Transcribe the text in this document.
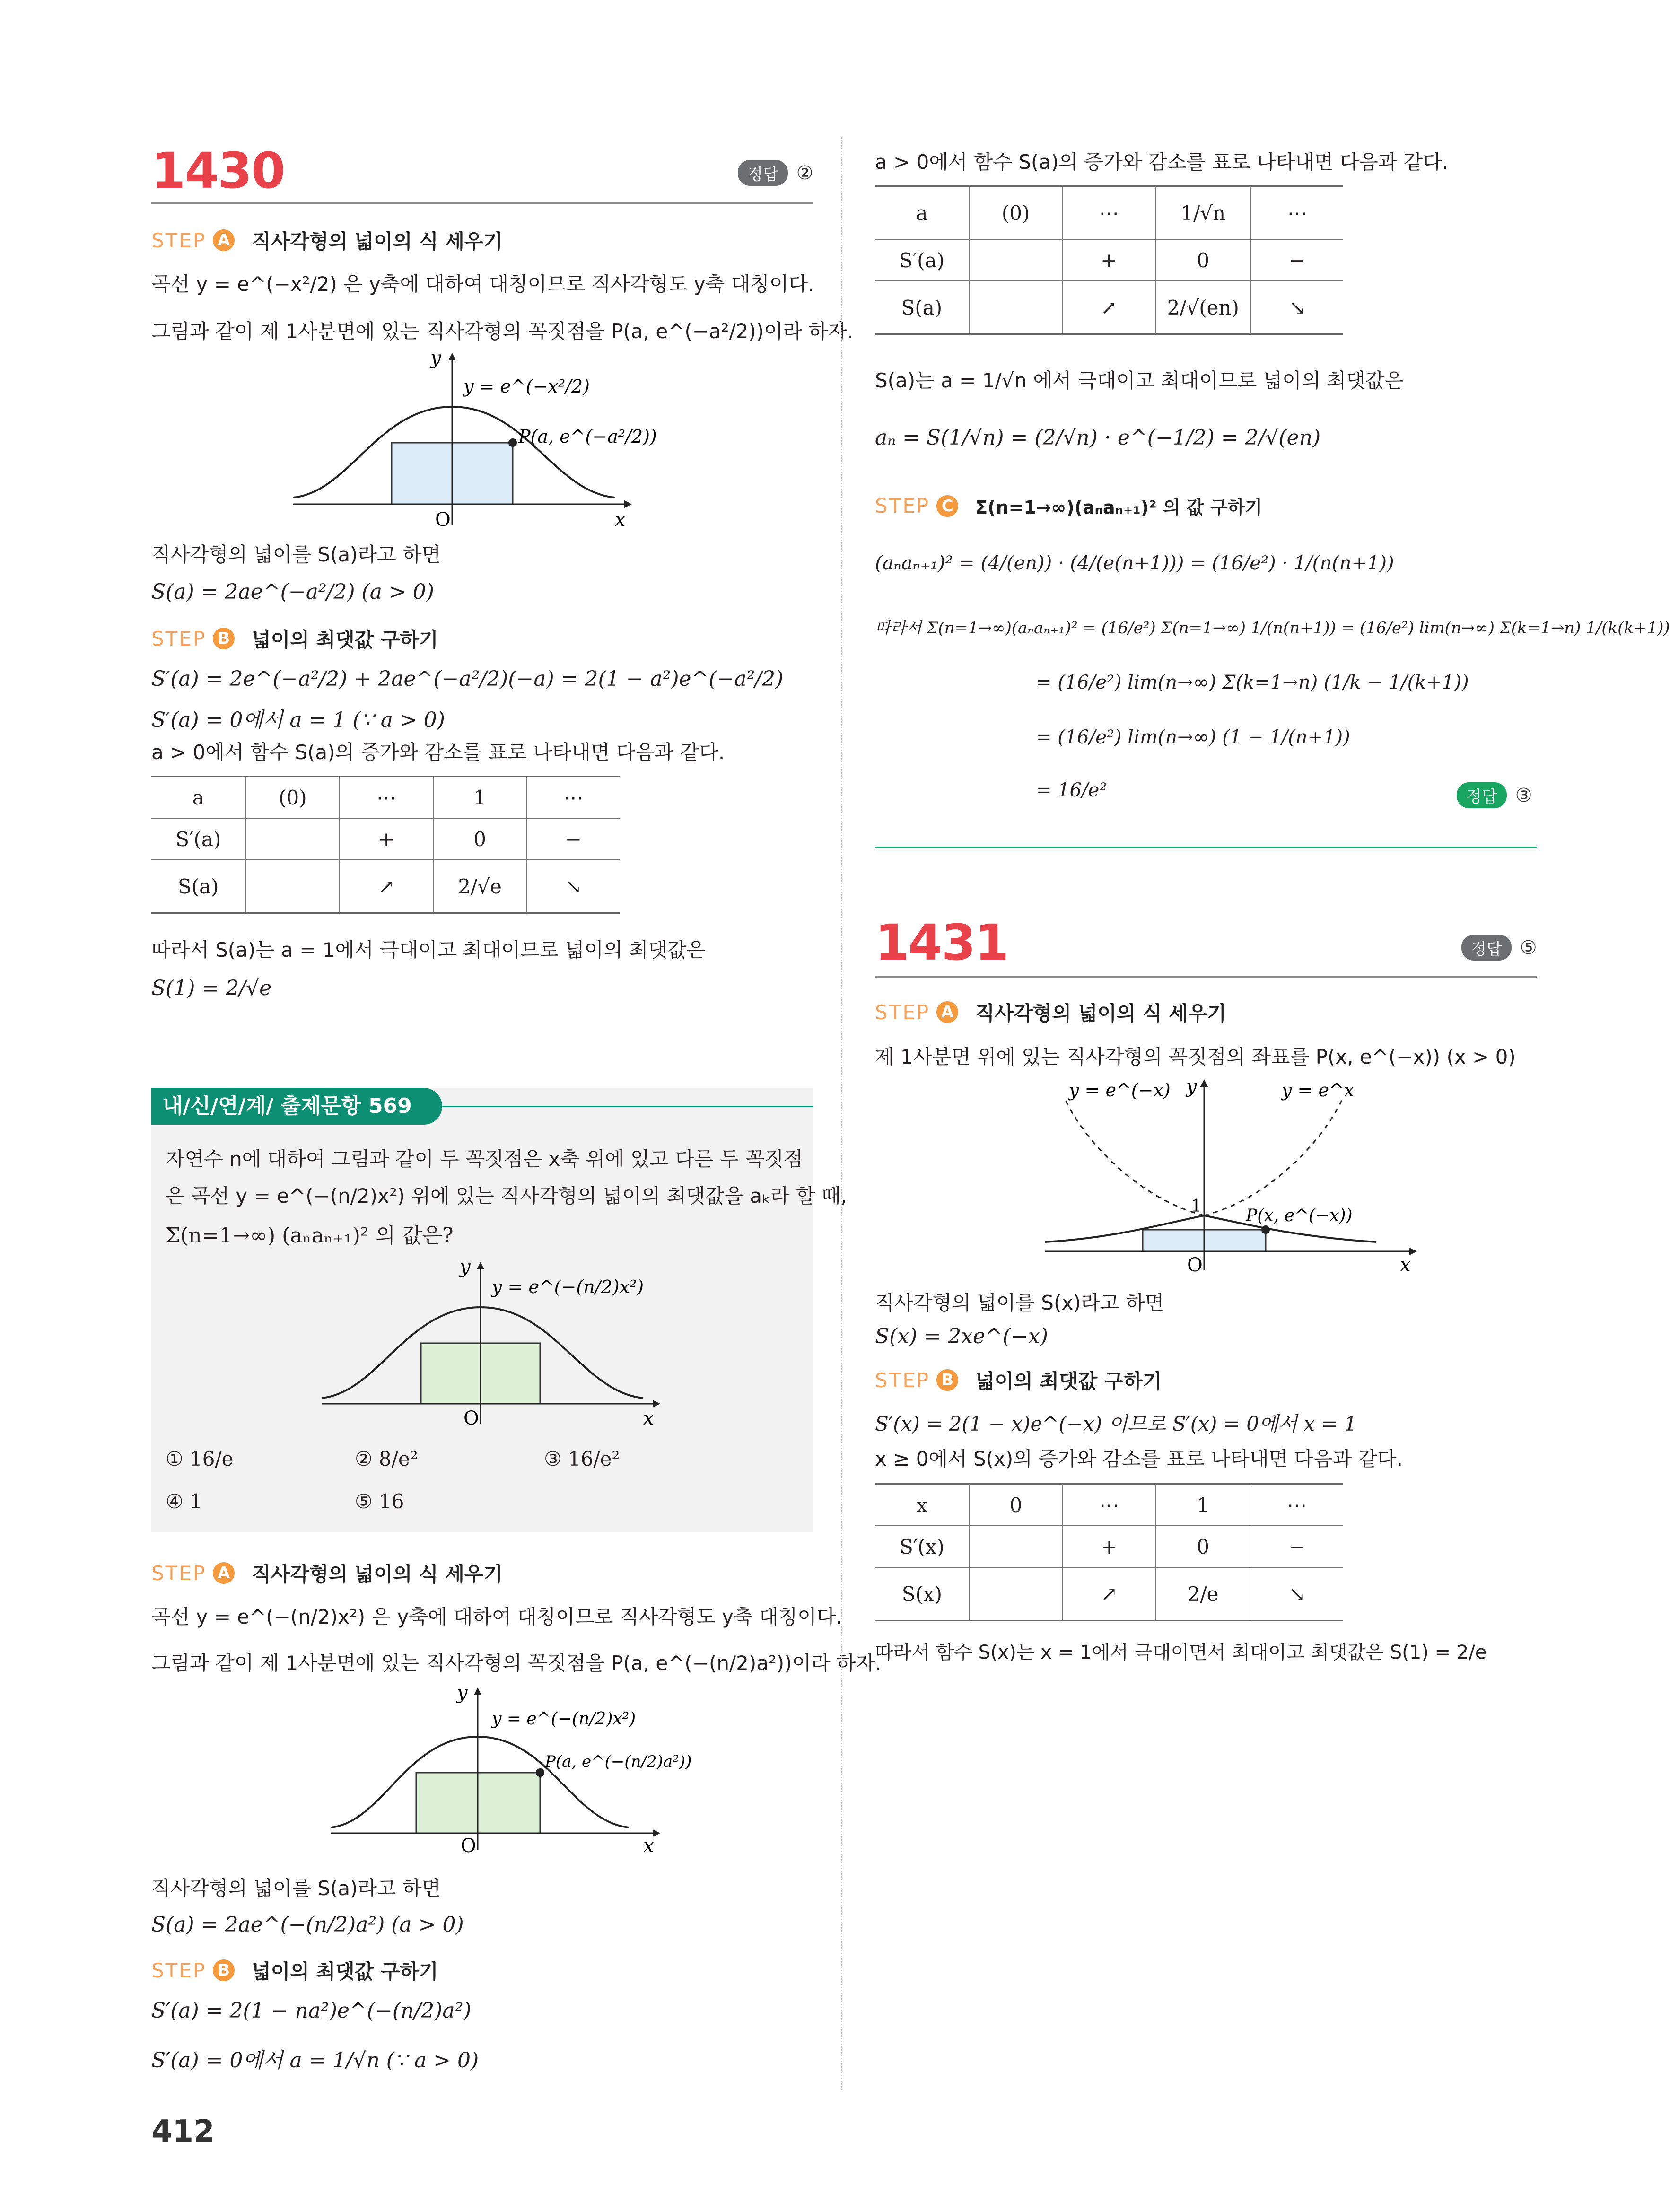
1430	정답 ②
STEP A 직사각형의 넓이의 식 세우기
곡선 y = e^(−x²/2) 은 y축에 대하여 대칭이므로 직사각형도 y축 대칭이다.
그림과 같이 제 1사분면에 있는 직사각형의 꼭짓점을 P(a, e^(−a²/2))이라 하자.
y
x
O
y = e^(−x²/2)
P(a, e^(−a²/2))
직사각형의 넓이를 S(a)라고 하면
S(a) = 2ae^(−a²/2) (a > 0)
STEP B 넓이의 최댓값 구하기
S′(a) = 2e^(−a²/2) + 2ae^(−a²/2)(−a) = 2(1 − a²)e^(−a²/2)
S′(a) = 0에서 a = 1 (∵ a > 0)
a > 0에서 함수 S(a)의 증가와 감소를 표로 나타내면 다음과 같다.
a	(0)	⋯	1	⋯
S′(a)		+	0	−
S(a)		↗	2/√e	↘
따라서 S(a)는 a = 1에서 극대이고 최대이므로 넓이의 최댓값은
S(1) = 2/√e
내/신/연/계/ 출제문항 569
자연수 n에 대하여 그림과 같이 두 꼭짓점은 x축 위에 있고 다른 두 꼭짓점
은 곡선 y = e^(−(n/2)x²) 위에 있는 직사각형의 넓이의 최댓값을 aₖ라 할 때,
Σ(n=1→∞) (aₙaₙ₊₁)² 의 값은?
y
x
O
y = e^(−(n/2)x²)
① 16/e	② 8/e²	③ 16/e²
④ 1	⑤ 16
STEP A 직사각형의 넓이의 식 세우기
곡선 y = e^(−(n/2)x²) 은 y축에 대하여 대칭이므로 직사각형도 y축 대칭이다.
그림과 같이 제 1사분면에 있는 직사각형의 꼭짓점을 P(a, e^(−(n/2)a²))이라 하자.
y
x
O
y = e^(−(n/2)x²)
P(a, e^(−(n/2)a²))
직사각형의 넓이를 S(a)라고 하면
S(a) = 2ae^(−(n/2)a²) (a > 0)
STEP B 넓이의 최댓값 구하기
S′(a) = 2(1 − na²)e^(−(n/2)a²)
S′(a) = 0에서 a = 1/√n (∵ a > 0)
412
a > 0에서 함수 S(a)의 증가와 감소를 표로 나타내면 다음과 같다.
a	(0)	⋯	1/√n	⋯
S′(a)		+	0	−
S(a)		↗	2/√(en)	↘
S(a)는 a = 1/√n 에서 극대이고 최대이므로 넓이의 최댓값은
aₙ = S(1/√n) = (2/√n) · e^(−1/2) = 2/√(en)
STEP C Σ(n=1→∞)(aₙaₙ₊₁)² 의 값 구하기
(aₙaₙ₊₁)² = (4/(en)) · (4/(e(n+1))) = (16/e²) · 1/(n(n+1))
따라서 Σ(n=1→∞)(aₙaₙ₊₁)² = (16/e²) Σ(n=1→∞) 1/(n(n+1)) = (16/e²) lim(n→∞) Σ(k=1→n) 1/(k(k+1))
= (16/e²) lim(n→∞) Σ(k=1→n) (1/k − 1/(k+1))
= (16/e²) lim(n→∞) (1 − 1/(n+1))
= 16/e²	정답 ③
1431	정답 ⑤
STEP A 직사각형의 넓이의 식 세우기
제 1사분면 위에 있는 직사각형의 꼭짓점의 좌표를 P(x, e^(−x)) (x > 0)
y
x
O
1
y = e^(−x)	y = e^x
P(x, e^(−x))
직사각형의 넓이를 S(x)라고 하면
S(x) = 2xe^(−x)
STEP B 넓이의 최댓값 구하기
S′(x) = 2(1 − x)e^(−x) 이므로 S′(x) = 0에서 x = 1
x ≥ 0에서 S(x)의 증가와 감소를 표로 나타내면 다음과 같다.
x	0	⋯	1	⋯
S′(x)		+	0	−
S(x)		↗	2/e	↘
따라서 함수 S(x)는 x = 1에서 극대이면서 최대이고 최댓값은 S(1) = 2/e
